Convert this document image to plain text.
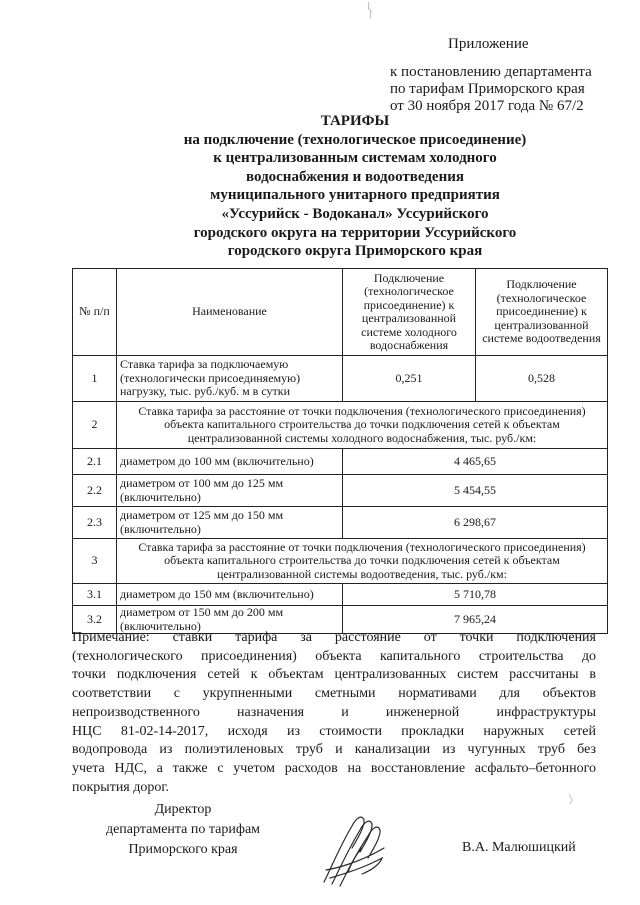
Приложение
к постановлению департамента
по тарифам Приморского края
от 30 ноября 2017 года № 67/2
ТАРИФЫ
на подключение (технологическое присоединение)
к централизованным системам холодного
водоснабжения и водоотведения
муниципального унитарного предприятия
«Уссурийск - Водоканал» Уссурийского
городского округа на территории Уссурийского
городского округа Приморского края
№ п/п	Наименование	Подключение (технологическое присоединение) к централизованной системе холодного водоснабжения	Подключение (технологическое присоединение) к централизованной системе водоотведения
1	Ставка тарифа за подключаемую (технологически присоединяемую) нагрузку, тыс. руб./куб. м в сутки	0,251	0,528
2	Ставка тарифа за расстояние от точки подключения (технологического присоединения) объекта капитального строительства до точки подключения сетей к объектам централизованной системы холодного водоснабжения, тыс. руб./км:		
2.1	диаметром до 100 мм (включительно)	4 465,65	
2.2	диаметром от 100 мм до 125 мм (включительно)	5 454,55	
2.3	диаметром от 125 мм до 150 мм (включительно)	6 298,67	
3	Ставка тарифа за расстояние от точки подключения (технологического присоединения) объекта капитального строительства до точки подключения сетей к объектам централизованной системы водоотведения, тыс. руб./км:		
3.1	диаметром до 150 мм (включительно)	5 710,78	
3.2	диаметром от 150 мм до 200 мм (включительно)	7 965,24	
Примечание: ставки тарифа за расстояние от точки подключения
(технологического присоединения) объекта капитального строительства до
точки подключения сетей к объектам централизованных систем рассчитаны в
соответствии с укрупненными сметными нормативами для объектов
непроизводственного назначения и инженерной инфраструктуры
НЦС 81-02-14-2017, исходя из стоимости прокладки наружных сетей
водопровода из полиэтиленовых труб и канализации из чугунных труб без
учета НДС, а также с учетом расходов на восстановление асфальто–бетонного
покрытия дорог.
Директор
департамента по тарифам
Приморского края	В.А. Малюшицкий
